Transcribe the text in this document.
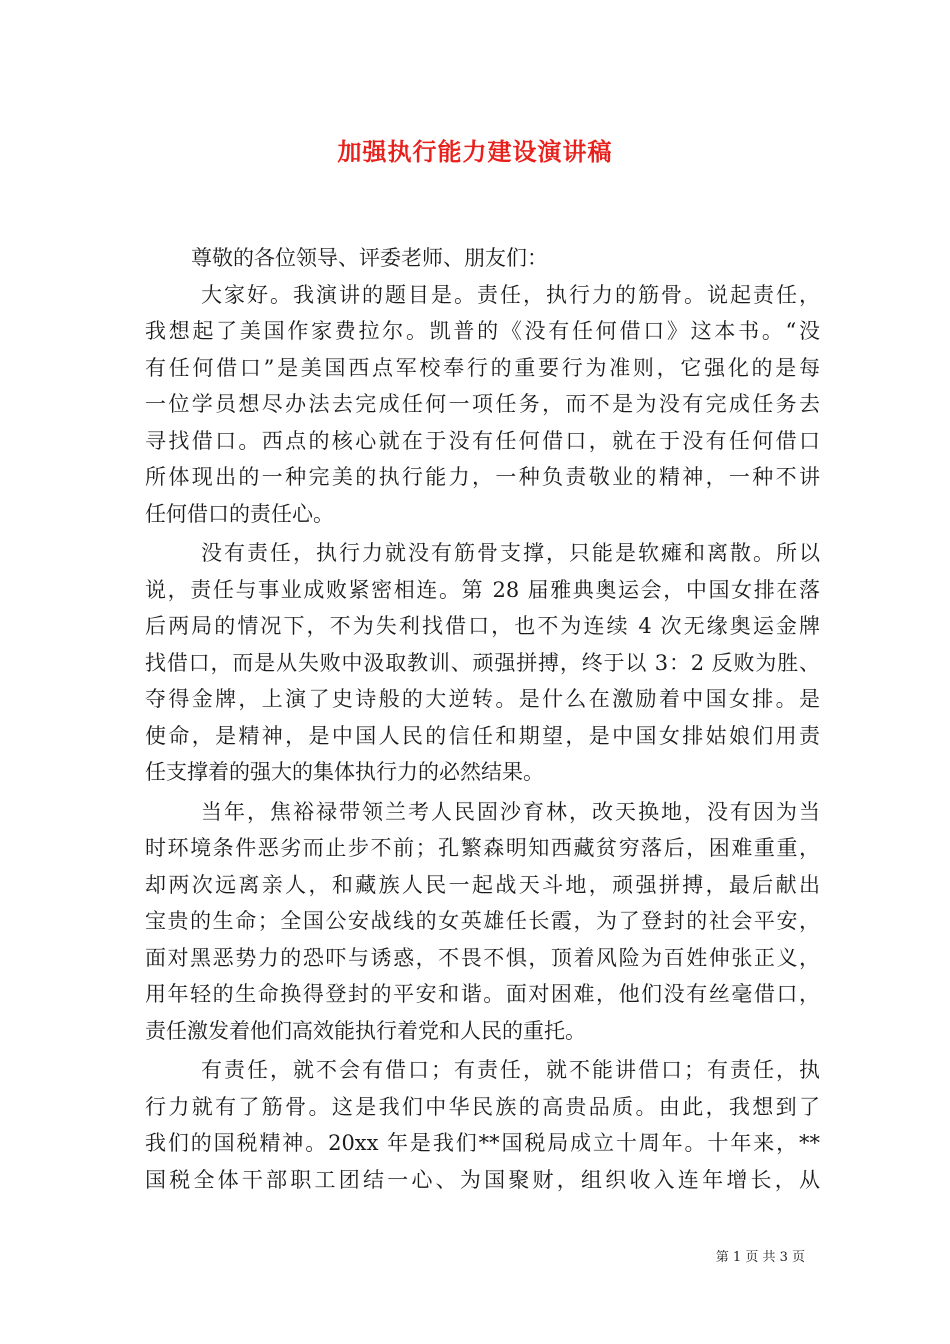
加强执行能力建设演讲稿

尊敬的各位领导、评委老师、朋友们：

大家好。我演讲的题目是。责任，执行力的筋骨。说起责任，
我想起了美国作家费拉尔。凯普的《没有任何借口》这本书。“没
有任何借口”是美国西点军校奉行的重要行为准则，它强化的是每
一位学员想尽办法去完成任何一项任务，而不是为没有完成任务去
寻找借口。西点的核心就在于没有任何借口，就在于没有任何借口
所体现出的一种完美的执行能力，一种负责敬业的精神，一种不讲
任何借口的责任心。
没有责任，执行力就没有筋骨支撑，只能是软瘫和离散。所以
说，责任与事业成败紧密相连。第 28 届雅典奥运会，中国女排在落
后两局的情况下，不为失利找借口，也不为连续 4 次无缘奥运金牌
找借口，而是从失败中汲取教训、顽强拼搏，终于以 3：2 反败为胜、
夺得金牌，上演了史诗般的大逆转。是什么在激励着中国女排。是
使命，是精神，是中国人民的信任和期望，是中国女排姑娘们用责
任支撑着的强大的集体执行力的必然结果。
当年，焦裕禄带领兰考人民固沙育林，改天换地，没有因为当
时环境条件恶劣而止步不前；孔繁森明知西藏贫穷落后，困难重重，
却两次远离亲人，和藏族人民一起战天斗地，顽强拼搏，最后献出
宝贵的生命；全国公安战线的女英雄任长霞，为了登封的社会平安，
面对黑恶势力的恐吓与诱惑，不畏不惧，顶着风险为百姓伸张正义，
用年轻的生命换得登封的平安和谐。面对困难，他们没有丝毫借口，
责任激发着他们高效能执行着党和人民的重托。
有责任，就不会有借口；有责任，就不能讲借口；有责任，执
行力就有了筋骨。这是我们中华民族的高贵品质。由此，我想到了
我们的国税精神。20xx 年是我们**国税局成立十周年。十年来，**
国税全体干部职工团结一心、为国聚财，组织收入连年增长，从
第 1 页 共 3 页
